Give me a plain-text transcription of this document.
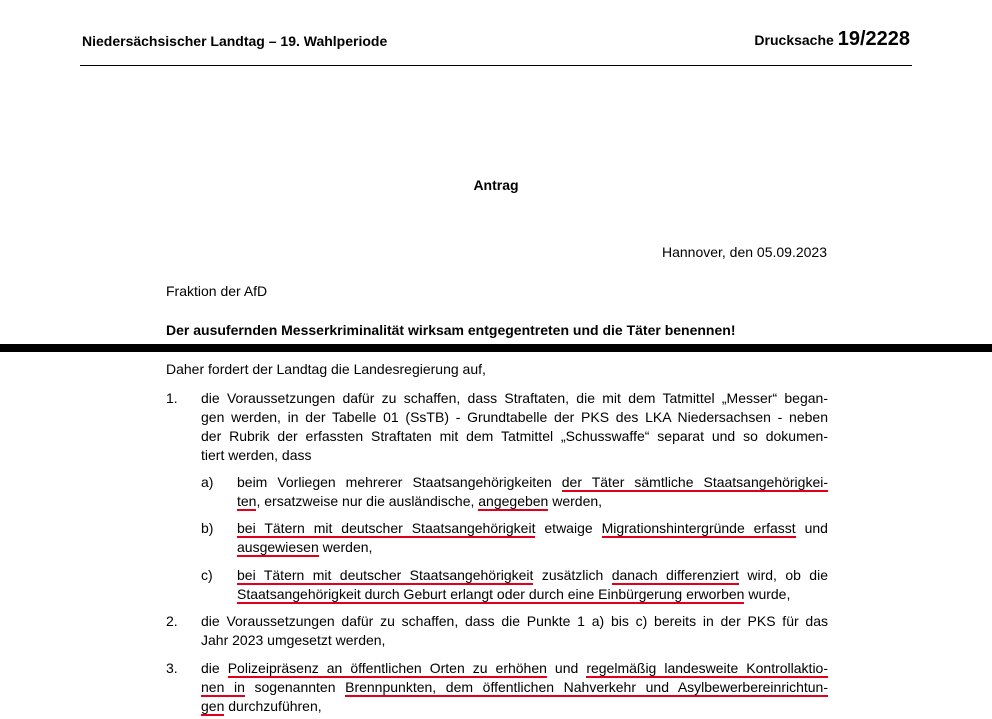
Niedersächsischer Landtag – 19. Wahlperiode	Drucksache 19/2228
Antrag
Hannover, den 05.09.2023
Fraktion der AfD
Der ausufernden Messerkriminalität wirksam entgegentreten und die Täter benennen!
Daher fordert der Landtag die Landesregierung auf,
1. die Voraussetzungen dafür zu schaffen, dass Straftaten, die mit dem Tatmittel „Messer“ began-
gen werden, in der Tabelle 01 (SsTB) - Grundtabelle der PKS des LKA Niedersachsen - neben
der Rubrik der erfassten Straftaten mit dem Tatmittel „Schusswaffe“ separat und so dokumen-
tiert werden, dass
a) beim Vorliegen mehrerer Staatsangehörigkeiten der Täter sämtliche Staatsangehörigkei-
ten, ersatzweise nur die ausländische, angegeben werden,
b) bei Tätern mit deutscher Staatsangehörigkeit etwaige Migrationshintergründe erfasst und
ausgewiesen werden,
c) bei Tätern mit deutscher Staatsangehörigkeit zusätzlich danach differenziert wird, ob die
Staatsangehörigkeit durch Geburt erlangt oder durch eine Einbürgerung erworben wurde,
2. die Voraussetzungen dafür zu schaffen, dass die Punkte 1 a) bis c) bereits in der PKS für das
Jahr 2023 umgesetzt werden,
3. die Polizeipräsenz an öffentlichen Orten zu erhöhen und regelmäßig landesweite Kontrollaktio-
nen in sogenannten Brennpunkten, dem öffentlichen Nahverkehr und Asylbewerbereinrichtun-
gen durchzuführen,
